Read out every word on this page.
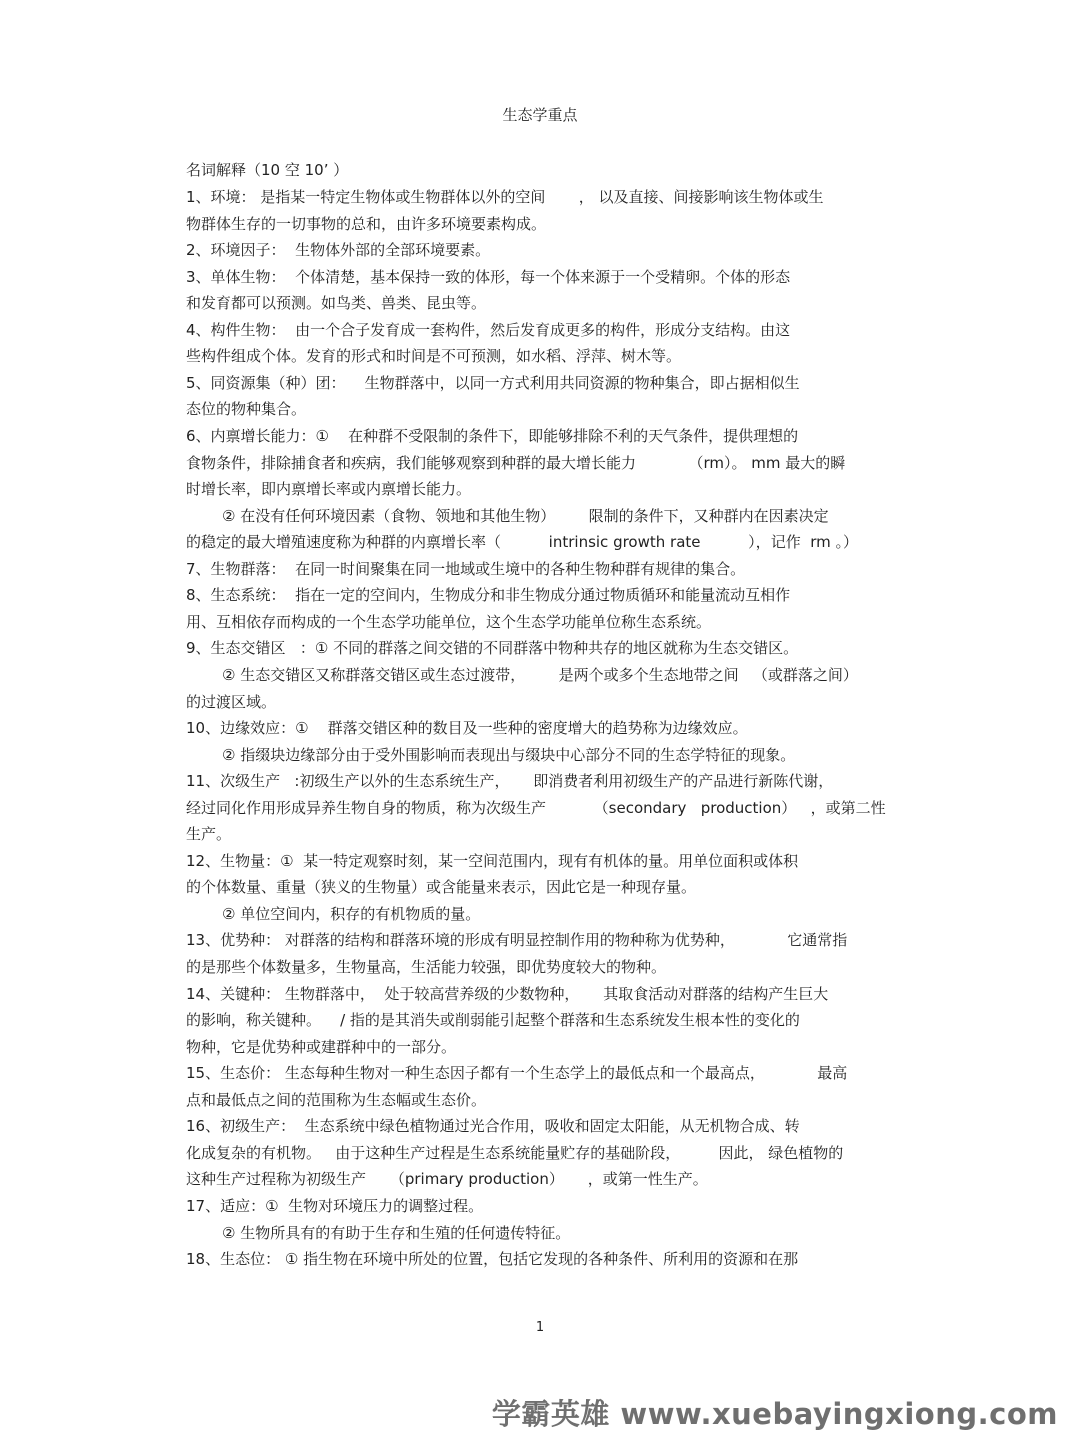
生态学重点

名词解释（10 空 10’ ）

1、环境： 是指某一特定生物体或生物群体以外的空间       ， 以及直接、间接影响该生物体或生

物群体生存的一切事物的总和，由许多环境要素构成。

2、环境因子：  生物体外部的全部环境要素。

3、单体生物：  个体清楚，基本保持一致的体形，每一个体来源于一个受精卵。个体的形态

和发育都可以预测。如鸟类、兽类、昆虫等。

4、构件生物：  由一个合子发育成一套构件，然后发育成更多的构件，形成分支结构。由这

些构件组成个体。发育的形式和时间是不可预测，如水稻、浮萍、树木等。

5、同资源集（种）团：    生物群落中，以同一方式利用共同资源的物种集合，即占据相似生

态位的物种集合。

6、内禀增长能力：①    在种群不受限制的条件下，即能够排除不利的天气条件，提供理想的

食物条件，排除捕食者和疾病，我们能够观察到种群的最大增长能力           （rm）。 mm 最大的瞬

时增长率，即内禀增长率或内禀增长能力。

② 在没有任何环境因素（食物、领地和其他生物）       限制的条件下，又种群内在因素决定

的稳定的最大增殖速度称为种群的内禀增长率（          intrinsic growth rate          ），记作  rm 。）

7、生物群落：  在同一时间聚集在同一地域或生境中的各种生物种群有规律的集合。

8、生态系统：  指在一定的空间内，生物成分和非生物成分通过物质循环和能量流动互相作

用、互相依存而构成的一个生态学功能单位，这个生态学功能单位称生态系统。

9、生态交错区   ：① 不同的群落之间交错的不同群落中物种共存的地区就称为生态交错区。

② 生态交错区又称群落交错区或生态过渡带，       是两个或多个生态地带之间   （或群落之间）

的过渡区域。

10、边缘效应：①    群落交错区种的数目及一些种的密度增大的趋势称为边缘效应。

② 指缀块边缘部分由于受外围影响而表现出与缀块中心部分不同的生态学特征的现象。

11、次级生产   :初级生产以外的生态系统生产，     即消费者利用初级生产的产品进行新陈代谢，

经过同化作用形成异养生物自身的物质，称为次级生产          （secondary   production）   ，或第二性

生产。

12、生物量：①  某一特定观察时刻，某一空间范围内，现有有机体的量。用单位面积或体积

的个体数量、重量（狭义的生物量）或含能量来表示，因此它是一种现存量。

② 单位空间内，积存的有机物质的量。

13、优势种： 对群落的结构和群落环境的形成有明显控制作用的物种称为优势种，           它通常指

的是那些个体数量多，生物量高，生活能力较强，即优势度较大的物种。

14、关键种： 生物群落中，  处于较高营养级的少数物种，     其取食活动对群落的结构产生巨大

的影响，称关键种。    / 指的是其消失或削弱能引起整个群落和生态系统发生根本性的变化的

物种，它是优势种或建群种中的一部分。

15、生态价： 生态每种生物对一种生态因子都有一个生态学上的最低点和一个最高点，           最高

点和最低点之间的范围称为生态幅或生态价。

16、初级生产：  生态系统中绿色植物通过光合作用，吸收和固定太阳能，从无机物合成、转

化成复杂的有机物。   由于这种生产过程是生态系统能量贮存的基础阶段，        因此， 绿色植物的

这种生产过程称为初级生产     （primary production）     ，或第一性生产。

17、适应：①  生物对环境压力的调整过程。

② 生物所具有的有助于生存和生殖的任何遗传特征。

18、生态位： ① 指生物在环境中所处的位置，包括它发现的各种条件、所利用的资源和在那

1
学霸英雄 www.xuebayingxiong.com
